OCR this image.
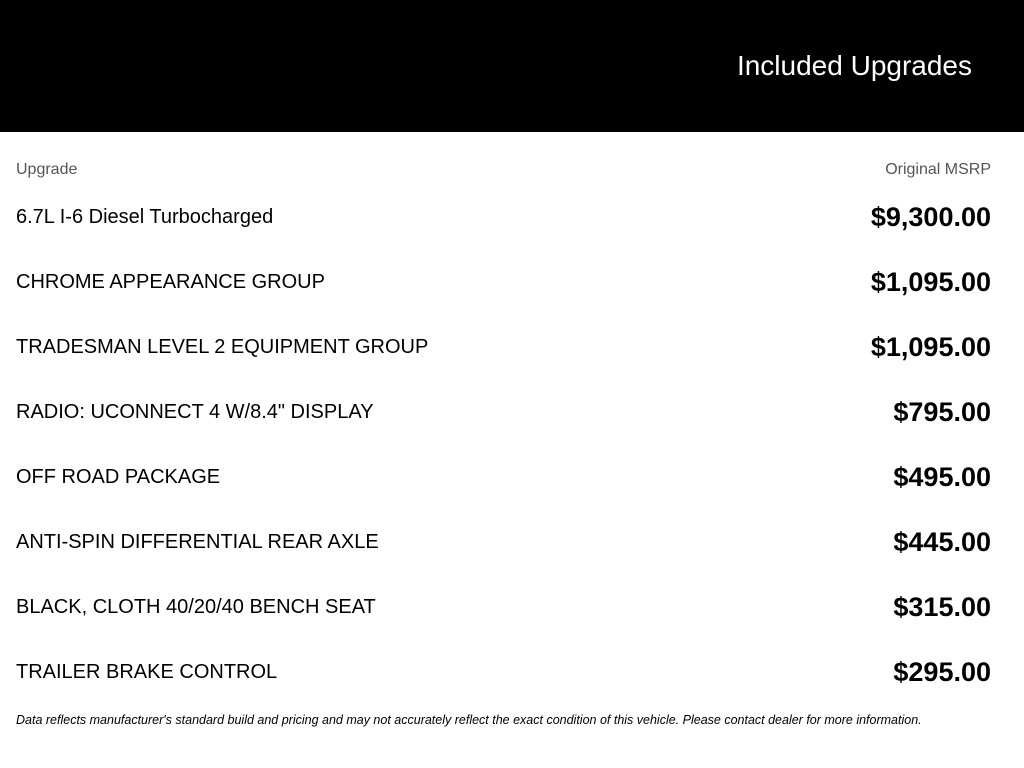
Included Upgrades
Upgrade	Original MSRP
6.7L I-6 Diesel Turbocharged	$9,300.00
CHROME APPEARANCE GROUP	$1,095.00
TRADESMAN LEVEL 2 EQUIPMENT GROUP	$1,095.00
RADIO: UCONNECT 4 W/8.4" DISPLAY	$795.00
OFF ROAD PACKAGE	$495.00
ANTI-SPIN DIFFERENTIAL REAR AXLE	$445.00
BLACK, CLOTH 40/20/40 BENCH SEAT	$315.00
TRAILER BRAKE CONTROL	$295.00
Data reflects manufacturer's standard build and pricing and may not accurately reflect the exact condition of this vehicle. Please contact dealer for more information.
